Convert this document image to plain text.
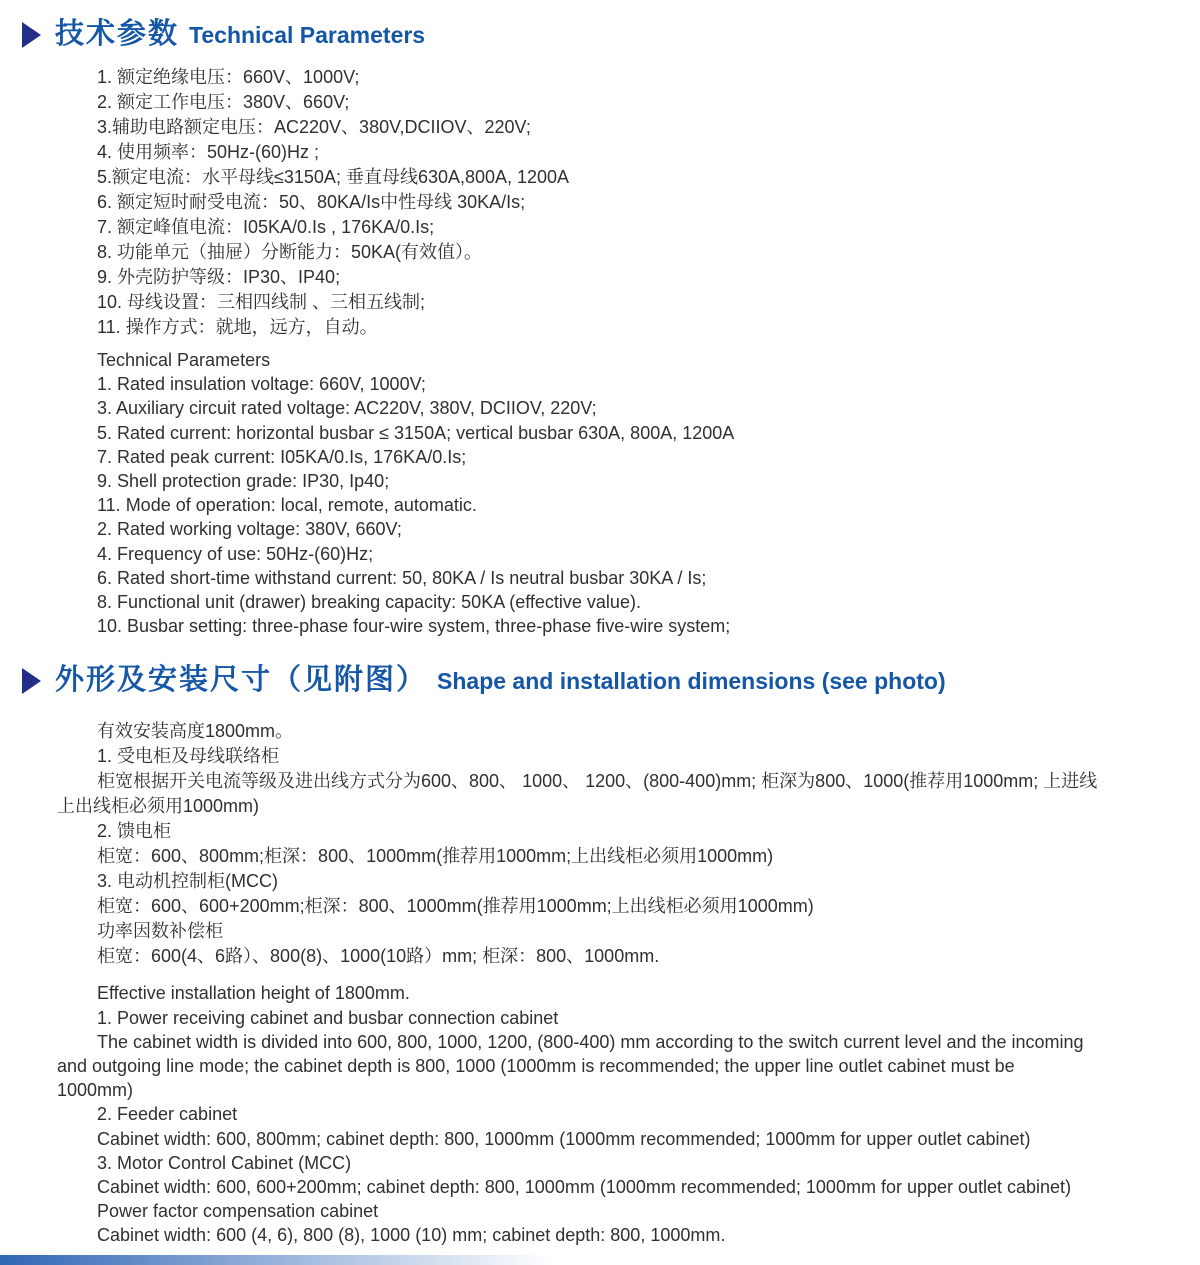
技术参数 Technical Parameters
1. 额定绝缘电压：660V、1000V;
2. 额定工作电压：380V、660V;
3.辅助电路额定电压：AC220V、380V,DCIIOV、220V;
4. 使用频率：50Hz-(60)Hz ;
5.额定电流：水平母线≤3150A; 垂直母线630A,800A, 1200A
6. 额定短时耐受电流：50、80KA/Is中性母线 30KA/Is;
7. 额定峰值电流：I05KA/0.Is , 176KA/0.Is;
8. 功能单元（抽屉）分断能力：50KA(有效值）。
9. 外壳防护等级：IP30、IP40;
10. 母线设置：三相四线制 、三相五线制;
11. 操作方式：就地，远方，自动。
Technical Parameters
1. Rated insulation voltage: 660V, 1000V;
3. Auxiliary circuit rated voltage: AC220V, 380V, DCIIOV, 220V;
5. Rated current: horizontal busbar ≤ 3150A; vertical busbar 630A, 800A, 1200A
7. Rated peak current: I05KA/0.Is, 176KA/0.Is;
9. Shell protection grade: IP30, Ip40;
11. Mode of operation: local, remote, automatic.
2. Rated working voltage: 380V, 660V;
4. Frequency of use: 50Hz-(60)Hz;
6. Rated short-time withstand current: 50, 80KA / Is neutral busbar 30KA / Is;
8. Functional unit (drawer) breaking capacity: 50KA (effective value).
10. Busbar setting: three-phase four-wire system, three-phase five-wire system;
外形及安装尺寸（见附图） Shape and installation dimensions (see photo)
有效安装高度1800mm。
1. 受电柜及母线联络柜
柜宽根据开关电流等级及进出线方式分为600、800、 1000、 1200、(800-400)mm; 柜深为800、1000(推荐用1000mm; 上进线
上出线柜必须用1000mm)
2. 馈电柜
柜宽：600、800mm;柜深：800、1000mm(推荐用1000mm;上出线柜必须用1000mm)
3. 电动机控制柜(MCC)
柜宽：600、600+200mm;柜深：800、1000mm(推荐用1000mm;上出线柜必须用1000mm)
功率因数补偿柜
柜宽：600(4、6路）、800(8)、1000(10路）mm; 柜深：800、1000mm.
Effective installation height of 1800mm.
1. Power receiving cabinet and busbar connection cabinet
The cabinet width is divided into 600, 800, 1000, 1200, (800-400) mm according to the switch current level and the incoming
and outgoing line mode; the cabinet depth is 800, 1000 (1000mm is recommended; the upper line outlet cabinet must be
1000mm)
2. Feeder cabinet
Cabinet width: 600, 800mm; cabinet depth: 800, 1000mm (1000mm recommended; 1000mm for upper outlet cabinet)
3. Motor Control Cabinet (MCC)
Cabinet width: 600, 600+200mm; cabinet depth: 800, 1000mm (1000mm recommended; 1000mm for upper outlet cabinet)
Power factor compensation cabinet
Cabinet width: 600 (4, 6), 800 (8), 1000 (10) mm; cabinet depth: 800, 1000mm.
